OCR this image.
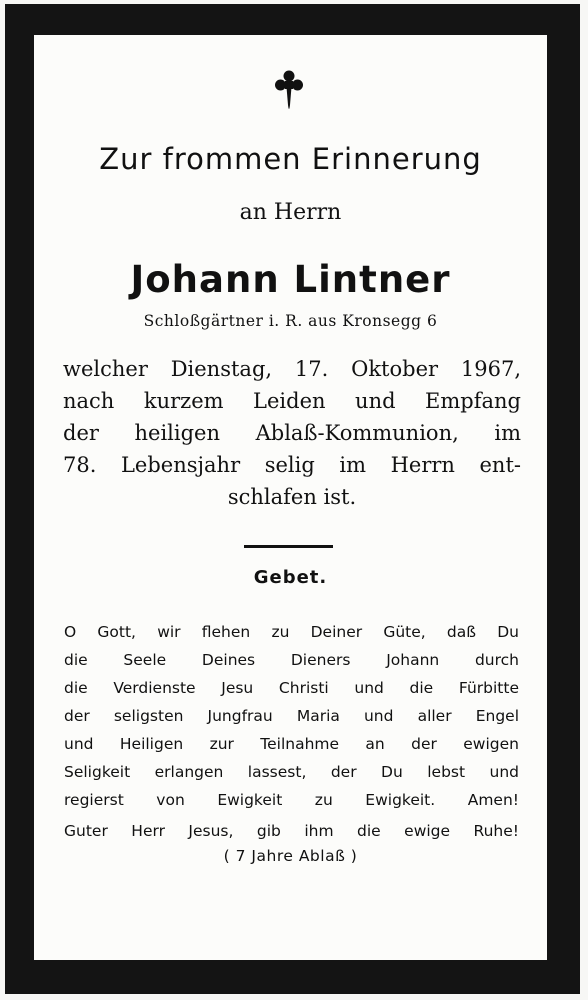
Zur frommen Erinnerung
an Herrn
Johann Lintner
Schloßgärtner i. R. aus Kronsegg 6
welcher Dienstag, 17. Oktober 1967,
nach kurzem Leiden und Empfang
der heiligen Ablaß-Kommunion, im
78. Lebensjahr selig im Herrn ent-
schlafen ist.
Gebet.
O Gott, wir flehen zu Deiner Güte, daß Du
die Seele Deines Dieners Johann durch
die Verdienste Jesu Christi und die Fürbitte
der seligsten Jungfrau Maria und aller Engel
und Heiligen zur Teilnahme an der ewigen
Seligkeit erlangen lassest, der Du lebst und
regierst von Ewigkeit zu Ewigkeit. Amen!
Guter Herr Jesus, gib ihm die ewige Ruhe!
( 7 Jahre Ablaß )
